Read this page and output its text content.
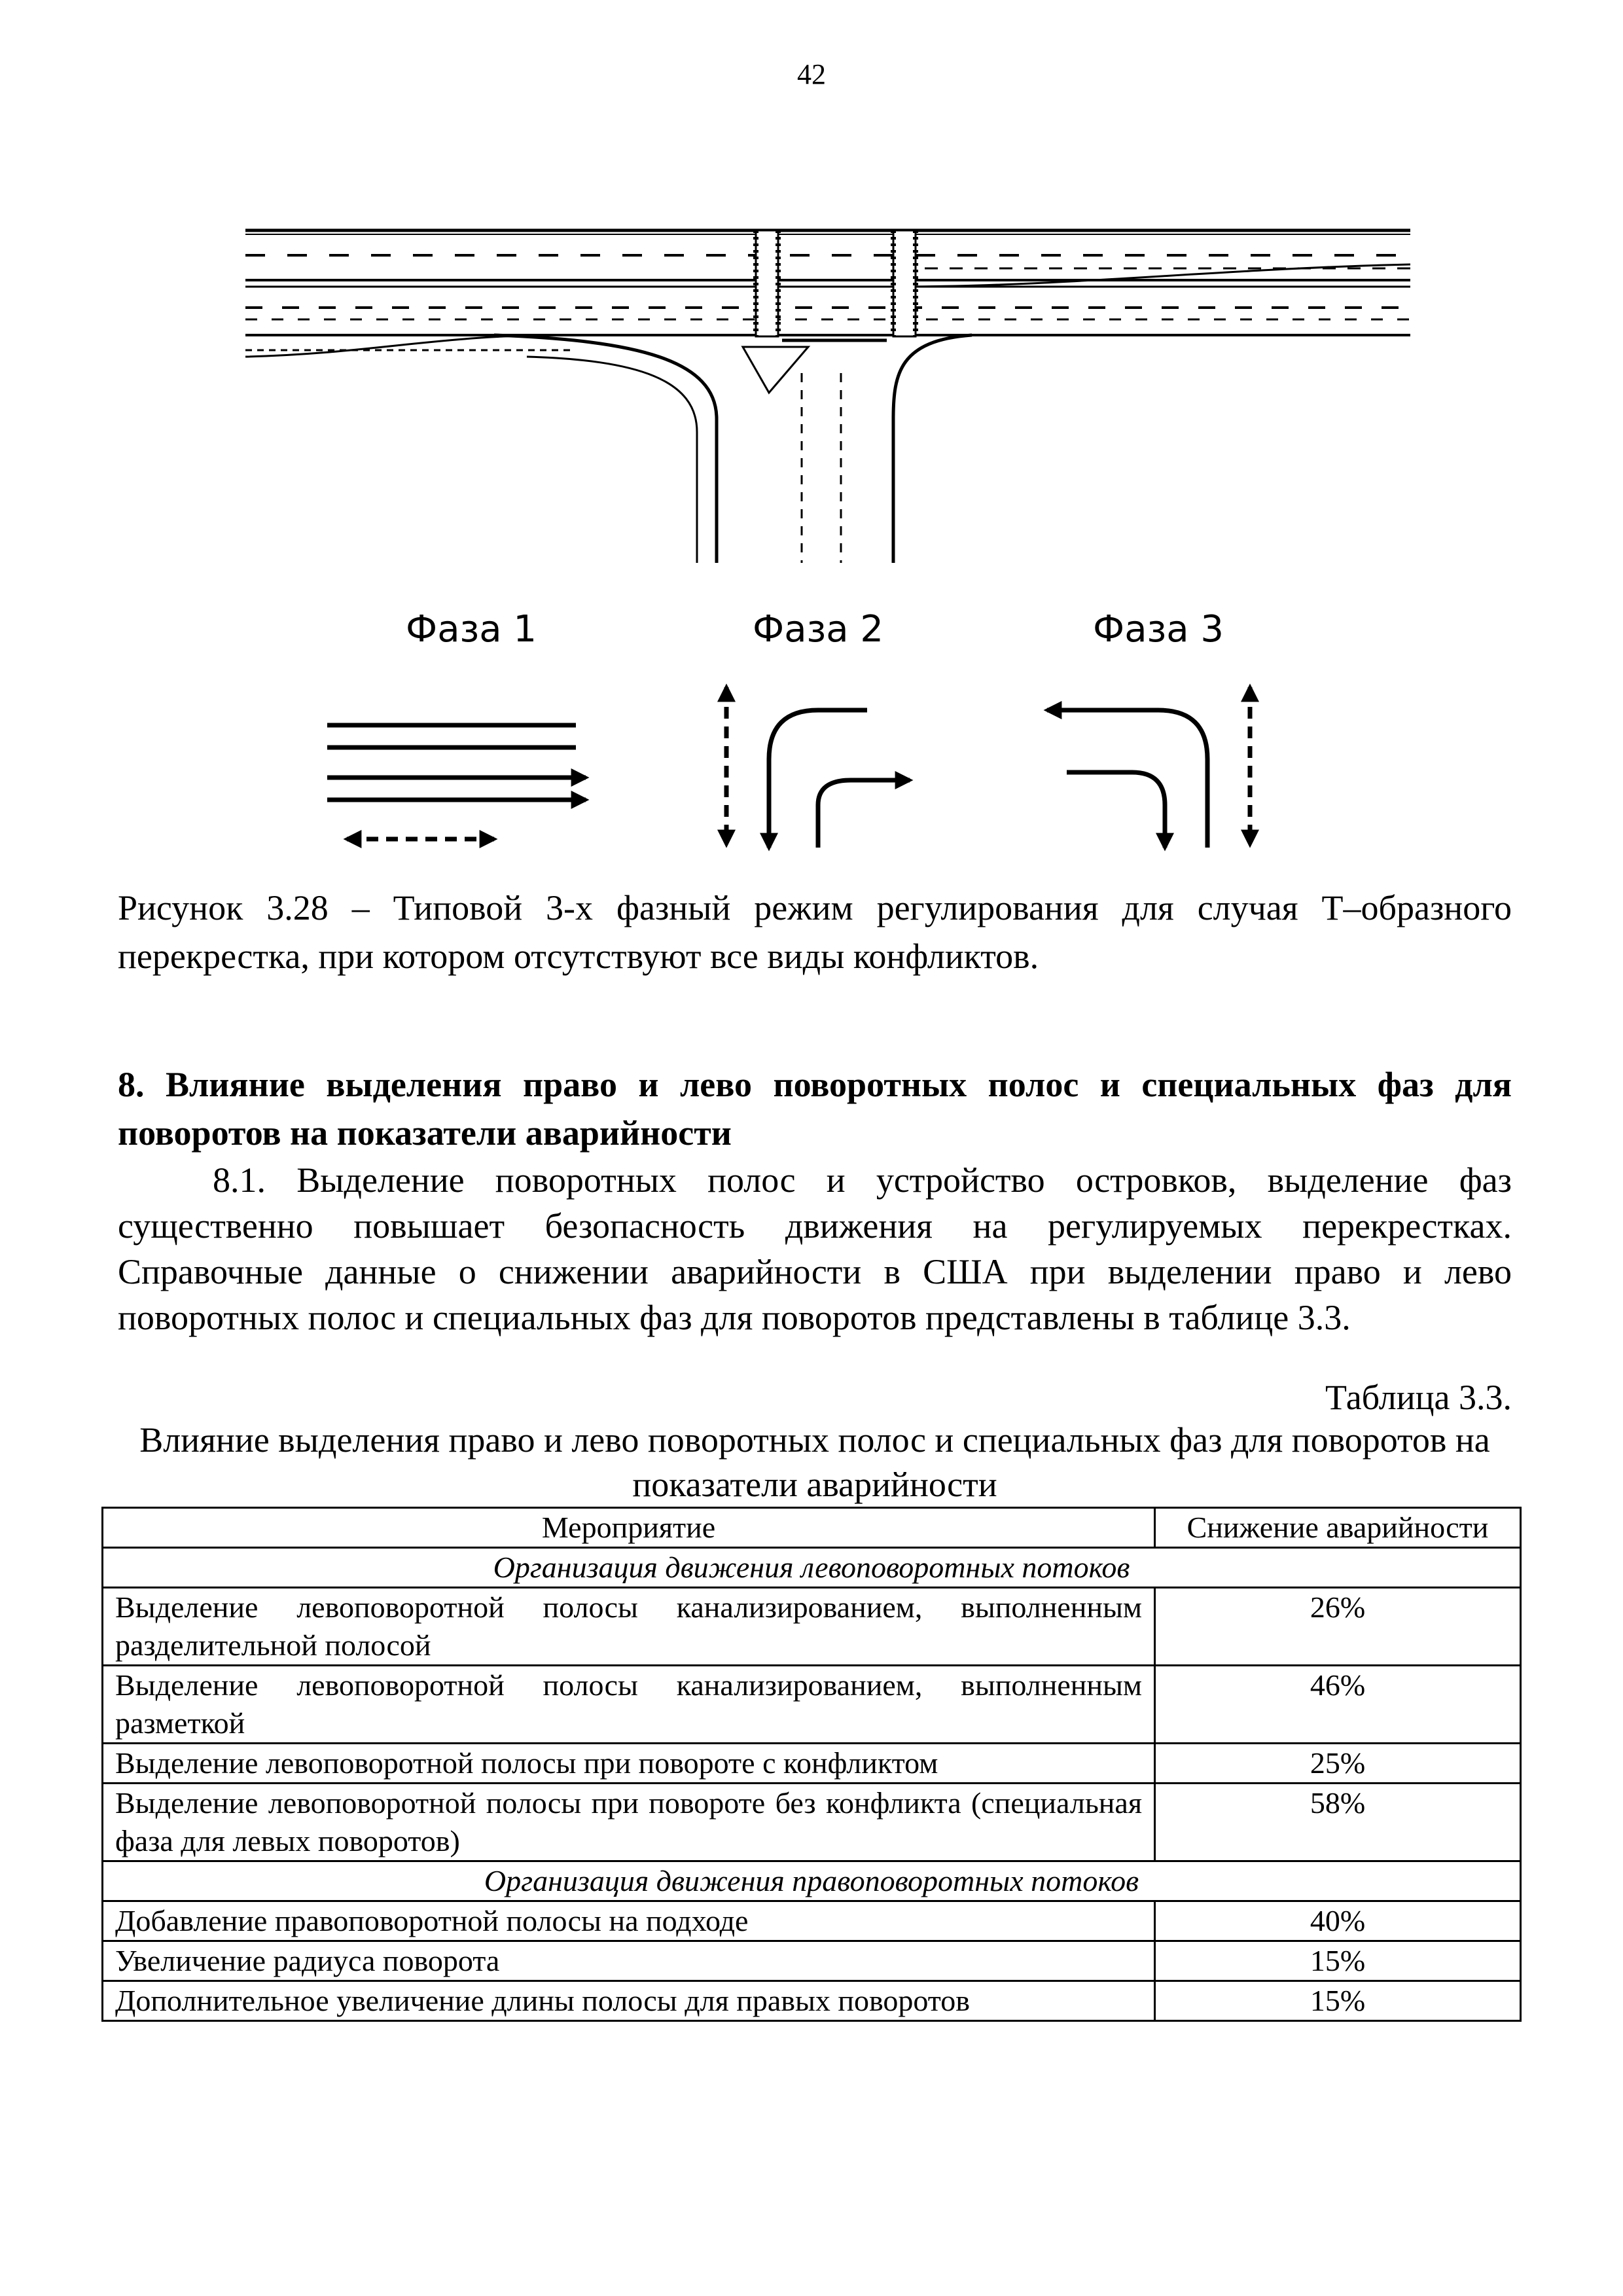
42
Фаза 1	Фаза 2	Фаза 3
Рисунок 3.28 – Типовой 3-х фазный режим регулирования для случая Т–образного перекрестка, при котором отсутствуют все виды конфликтов.
8. Влияние выделения право и лево поворотных полос и специальных фаз для поворотов на показатели аварийности
8.1. Выделение поворотных полос и устройство островков, выделение фаз существенно повышает безопасность движения на регулируемых перекрестках. Справочные данные о снижении аварийности в США при выделении право и лево поворотных полос и специальных фаз для поворотов представлены в таблице 3.3.
Таблица 3.3.
Влияние выделения право и лево поворотных полос и специальных фаз для поворотов на показатели аварийности
Мероприятие	Снижение аварийности
Организация движения левоповоротных потоков	
Выделение левоповоротной полосы канализированием, выполненным разделительной полосой	26%
Выделение левоповоротной полосы канализированием, выполненным разметкой	46%
Выделение левоповоротной полосы при повороте с конфликтом	25%
Выделение левоповоротной полосы при повороте без конфликта (специальная фаза для левых поворотов)	58%
Организация движения правоповоротных потоков	
Добавление правоповоротной полосы на подходе	40%
Увеличение радиуса поворота	15%
Дополнительное увеличение длины полосы для правых поворотов	15%
